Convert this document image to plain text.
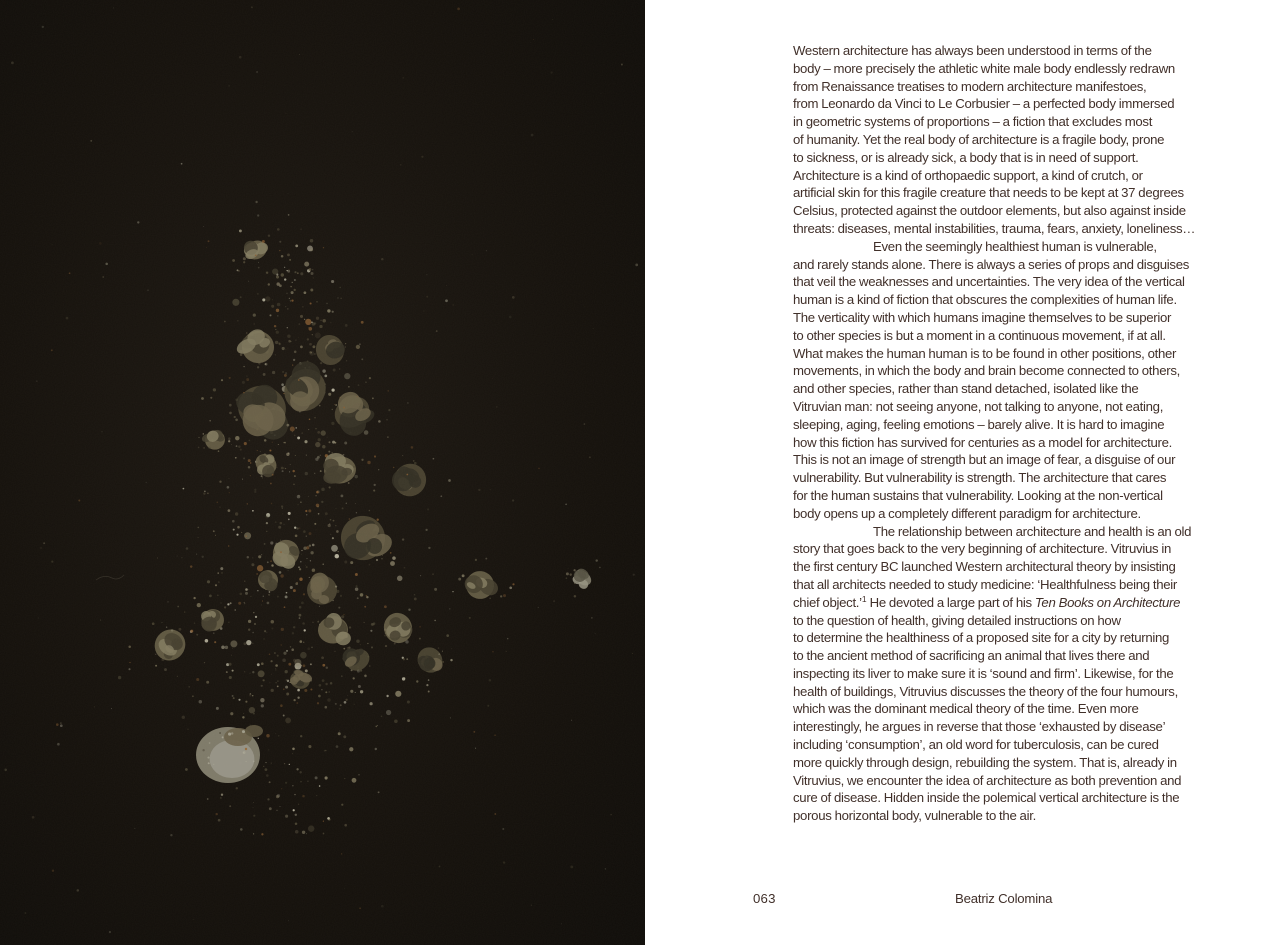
Western architecture has always been understood in terms of the
body – more precisely the athletic white male body endlessly redrawn
from Renaissance treatises to modern architecture manifestoes,
from Leonardo da Vinci to Le Corbusier – a perfected body immersed
in geometric systems of proportions – a fiction that excludes most
of humanity. Yet the real body of architecture is a fragile body, prone
to sickness, or is already sick, a body that is in need of support.
Architecture is a kind of orthopaedic support, a kind of crutch, or
artificial skin for this fragile creature that needs to be kept at 37 degrees
Celsius, protected against the outdoor elements, but also against inside
threats: diseases, mental instabilities, trauma, fears, anxiety, loneliness…
Even the seemingly healthiest human is vulnerable,
and rarely stands alone. There is always a series of props and disguises
that veil the weaknesses and uncertainties. The very idea of the vertical
human is a kind of fiction that obscures the complexities of human life.
The verticality with which humans imagine themselves to be superior
to other species is but a moment in a continuous movement, if at all.
What makes the human human is to be found in other positions, other
movements, in which the body and brain become connected to others,
and other species, rather than stand detached, isolated like the
Vitruvian man: not seeing anyone, not talking to anyone, not eating,
sleeping, aging, feeling emotions – barely alive. It is hard to imagine
how this fiction has survived for centuries as a model for architecture.
This is not an image of strength but an image of fear, a disguise of our
vulnerability. But vulnerability is strength. The architecture that cares
for the human sustains that vulnerability. Looking at the non-vertical
body opens up a completely different paradigm for architecture.
The relationship between architecture and health is an old
story that goes back to the very beginning of architecture. Vitruvius in
the first century BC launched Western architectural theory by insisting
that all architects needed to study medicine: ‘Healthfulness being their
chief object.’$^1$ He devoted a large part of his Ten Books on Architecture
to the question of health, giving detailed instructions on how
to determine the healthiness of a proposed site for a city by returning
to the ancient method of sacrificing an animal that lives there and
inspecting its liver to make sure it is ‘sound and firm’. Likewise, for the
health of buildings, Vitruvius discusses the theory of the four humours,
which was the dominant medical theory of the time. Even more
interestingly, he argues in reverse that those ‘exhausted by disease’
including ‘consumption’, an old word for tuberculosis, can be cured
more quickly through design, rebuilding the system. That is, already in
Vitruvius, we encounter the idea of architecture as both prevention and
cure of disease. Hidden inside the polemical vertical architecture is the
porous horizontal body, vulnerable to the air.
063	Beatriz Colomina
